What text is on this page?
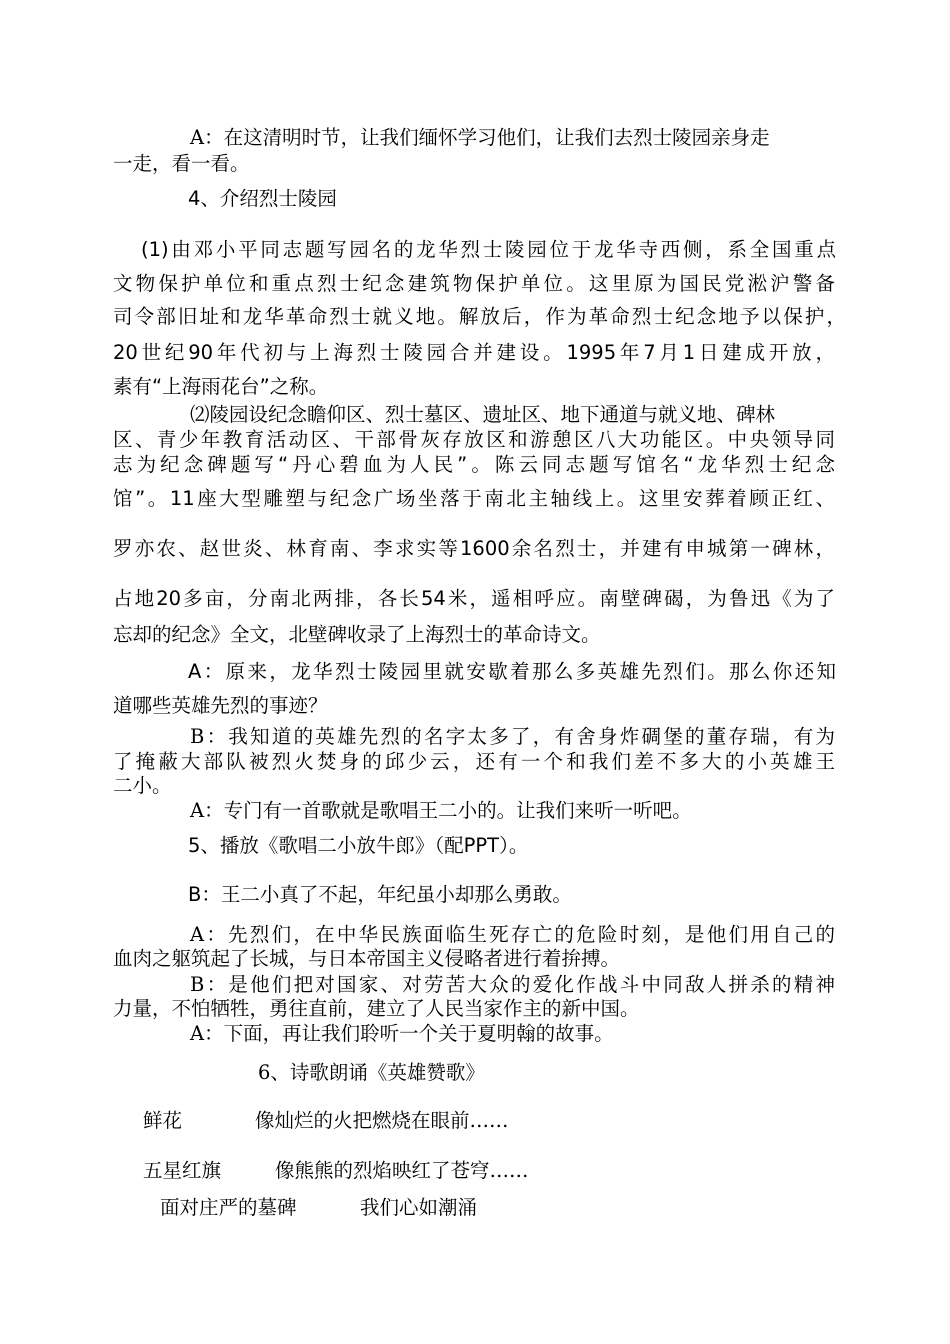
A：在这清明时节，让我们缅怀学习他们，让我们去烈士陵园亲身走
一走，看一看。
4、介绍烈士陵园
(1)由邓小平同志题写园名的龙华烈士陵园位于龙华寺西侧，系全国重点
文物保护单位和重点烈士纪念建筑物保护单位。这里原为国民党淞沪警备
司令部旧址和龙华革命烈士就义地。解放后，作为革命烈士纪念地予以保护，
20世纪90年代初与上海烈士陵园合并建设。1995年7月1日建成开放，
素有“上海雨花台”之称。
⑵陵园设纪念瞻仰区、烈士墓区、遗址区、地下通道与就义地、碑林
区、青少年教育活动区、干部骨灰存放区和游憩区八大功能区。中央领导同
志为纪念碑题写“丹心碧血为人民”。陈云同志题写馆名“龙华烈士纪念
馆”。11座大型雕塑与纪念广场坐落于南北主轴线上。这里安葬着顾正红、
罗亦农、赵世炎、林育南、李求实等1600余名烈士，并建有申城第一碑林，
占地20多亩，分南北两排，各长54米，遥相呼应。南壁碑碣，为鲁迅《为了
忘却的纪念》全文，北壁碑收录了上海烈士的革命诗文。
A：原来，龙华烈士陵园里就安歇着那么多英雄先烈们。那么你还知
道哪些英雄先烈的事迹？
B：我知道的英雄先烈的名字太多了，有舍身炸碉堡的董存瑞，有为
了掩蔽大部队被烈火焚身的邱少云，还有一个和我们差不多大的小英雄王
二小。
A：专门有一首歌就是歌唱王二小的。让我们来听一听吧。
5、播放《歌唱二小放牛郎》（配PPT）。
B：王二小真了不起，年纪虽小却那么勇敢。
A：先烈们，在中华民族面临生死存亡的危险时刻，是他们用自己的
血肉之躯筑起了长城，与日本帝国主义侵略者进行着拚搏。
B：是他们把对国家、对劳苦大众的爱化作战斗中同敌人拼杀的精神
力量，不怕牺牲，勇往直前，建立了人民当家作主的新中国。
A：下面，再让我们聆听一个关于夏明翰的故事。
6、诗歌朗诵《英雄赞歌》
鲜花	像灿烂的火把燃烧在眼前……
五星红旗	像熊熊的烈焰映红了苍穹……
面对庄严的墓碑	我们心如潮涌
